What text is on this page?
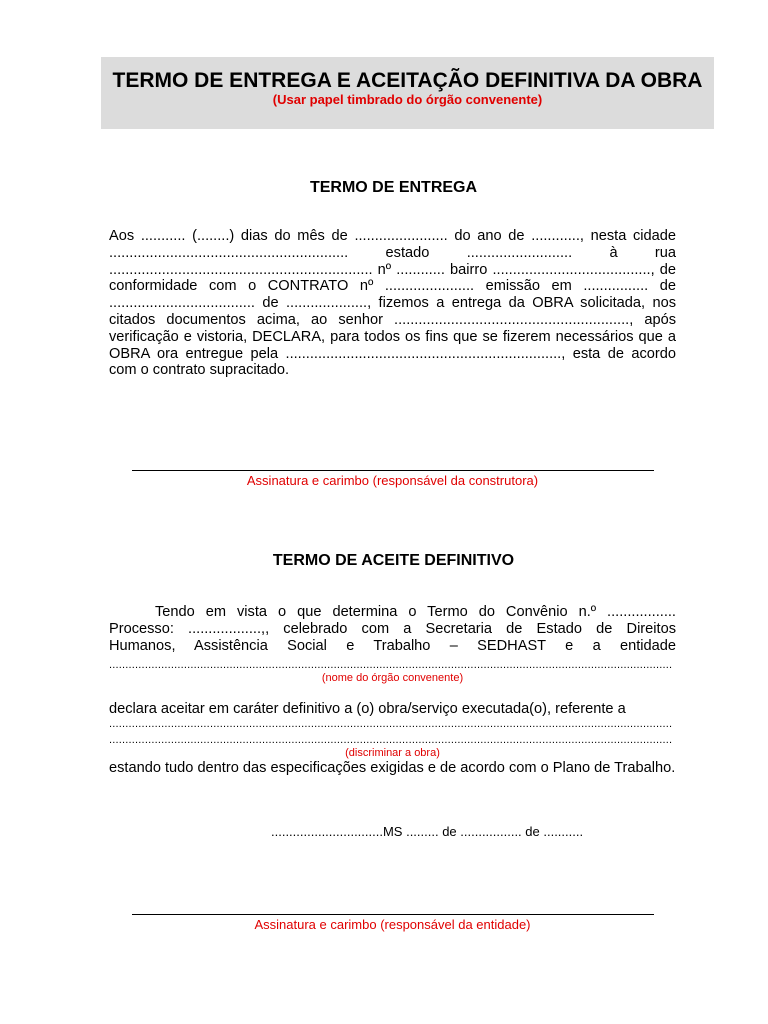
TERMO DE ENTREGA E ACEITAÇÃO DEFINITIVA DA OBRA
(Usar papel timbrado do órgão convenente)
TERMO DE ENTREGA
Aos ........... (........) dias do mês de ....................... do ano de ............, nesta cidade ........................................................... estado .......................... à rua ................................................................. nº ............ bairro ......................................., de conformidade com o CONTRATO nº ...................... emissão em ................ de .................................... de ...................., fizemos a entrega da OBRA solicitada, nos citados documentos acima, ao senhor .........................................................., após verificação e vistoria, DECLARA, para todos os fins que se fizerem necessários que a OBRA ora entregue pela ...................................................................., esta de acordo com o contrato supracitado.
Assinatura e carimbo (responsável da construtora)
TERMO DE ACEITE DEFINITIVO
Tendo em vista o que determina o Termo do Convênio n.º .................
Processo: ..................,, celebrado com a Secretaria de Estado de Direitos
Humanos, Assistência Social e Trabalho – SEDHAST e a entidade
.....
(nome do órgão convenente)
declara aceitar em caráter definitivo a (o) obra/serviço executada(o), referente a
.....
.....
(discriminar a obra)
estando tudo dentro das especificações exigidas e de acordo com o Plano de Trabalho.
...............................MS ......... de ................. de ...........
Assinatura e carimbo (responsável da entidade)
